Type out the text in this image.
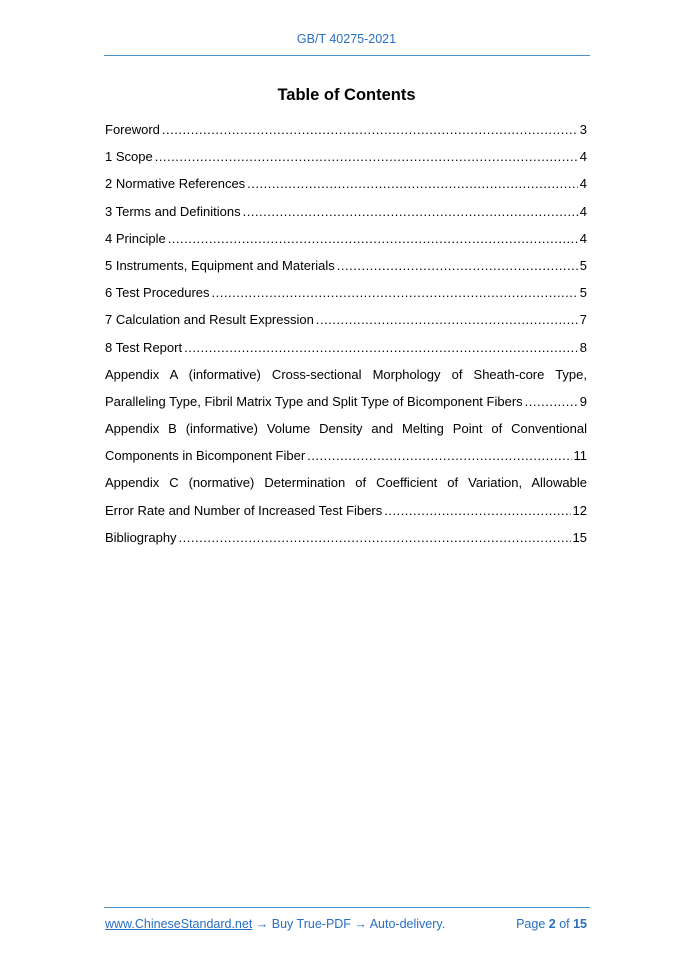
GB/T 40275-2021
Table of Contents
Foreword .....	3
1 Scope .....	4
2 Normative References .....	4
3 Terms and Definitions .....	4
4 Principle .....	4
5 Instruments, Equipment and Materials .....	5
6 Test Procedures .....	5
7 Calculation and Result Expression .....	7
8 Test Report .....	8
Appendix A (informative) Cross-sectional Morphology of Sheath-core Type,
Paralleling Type, Fibril Matrix Type and Split Type of Bicomponent Fibers .....	9
Appendix B (informative) Volume Density and Melting Point of Conventional
Components in Bicomponent Fiber .....	11
Appendix C (normative) Determination of Coefficient of Variation, Allowable
Error Rate and Number of Increased Test Fibers .....	12
Bibliography .....	15
www.ChineseStandard.net → Buy True-PDF → Auto-delivery.	Page 2 of 15
